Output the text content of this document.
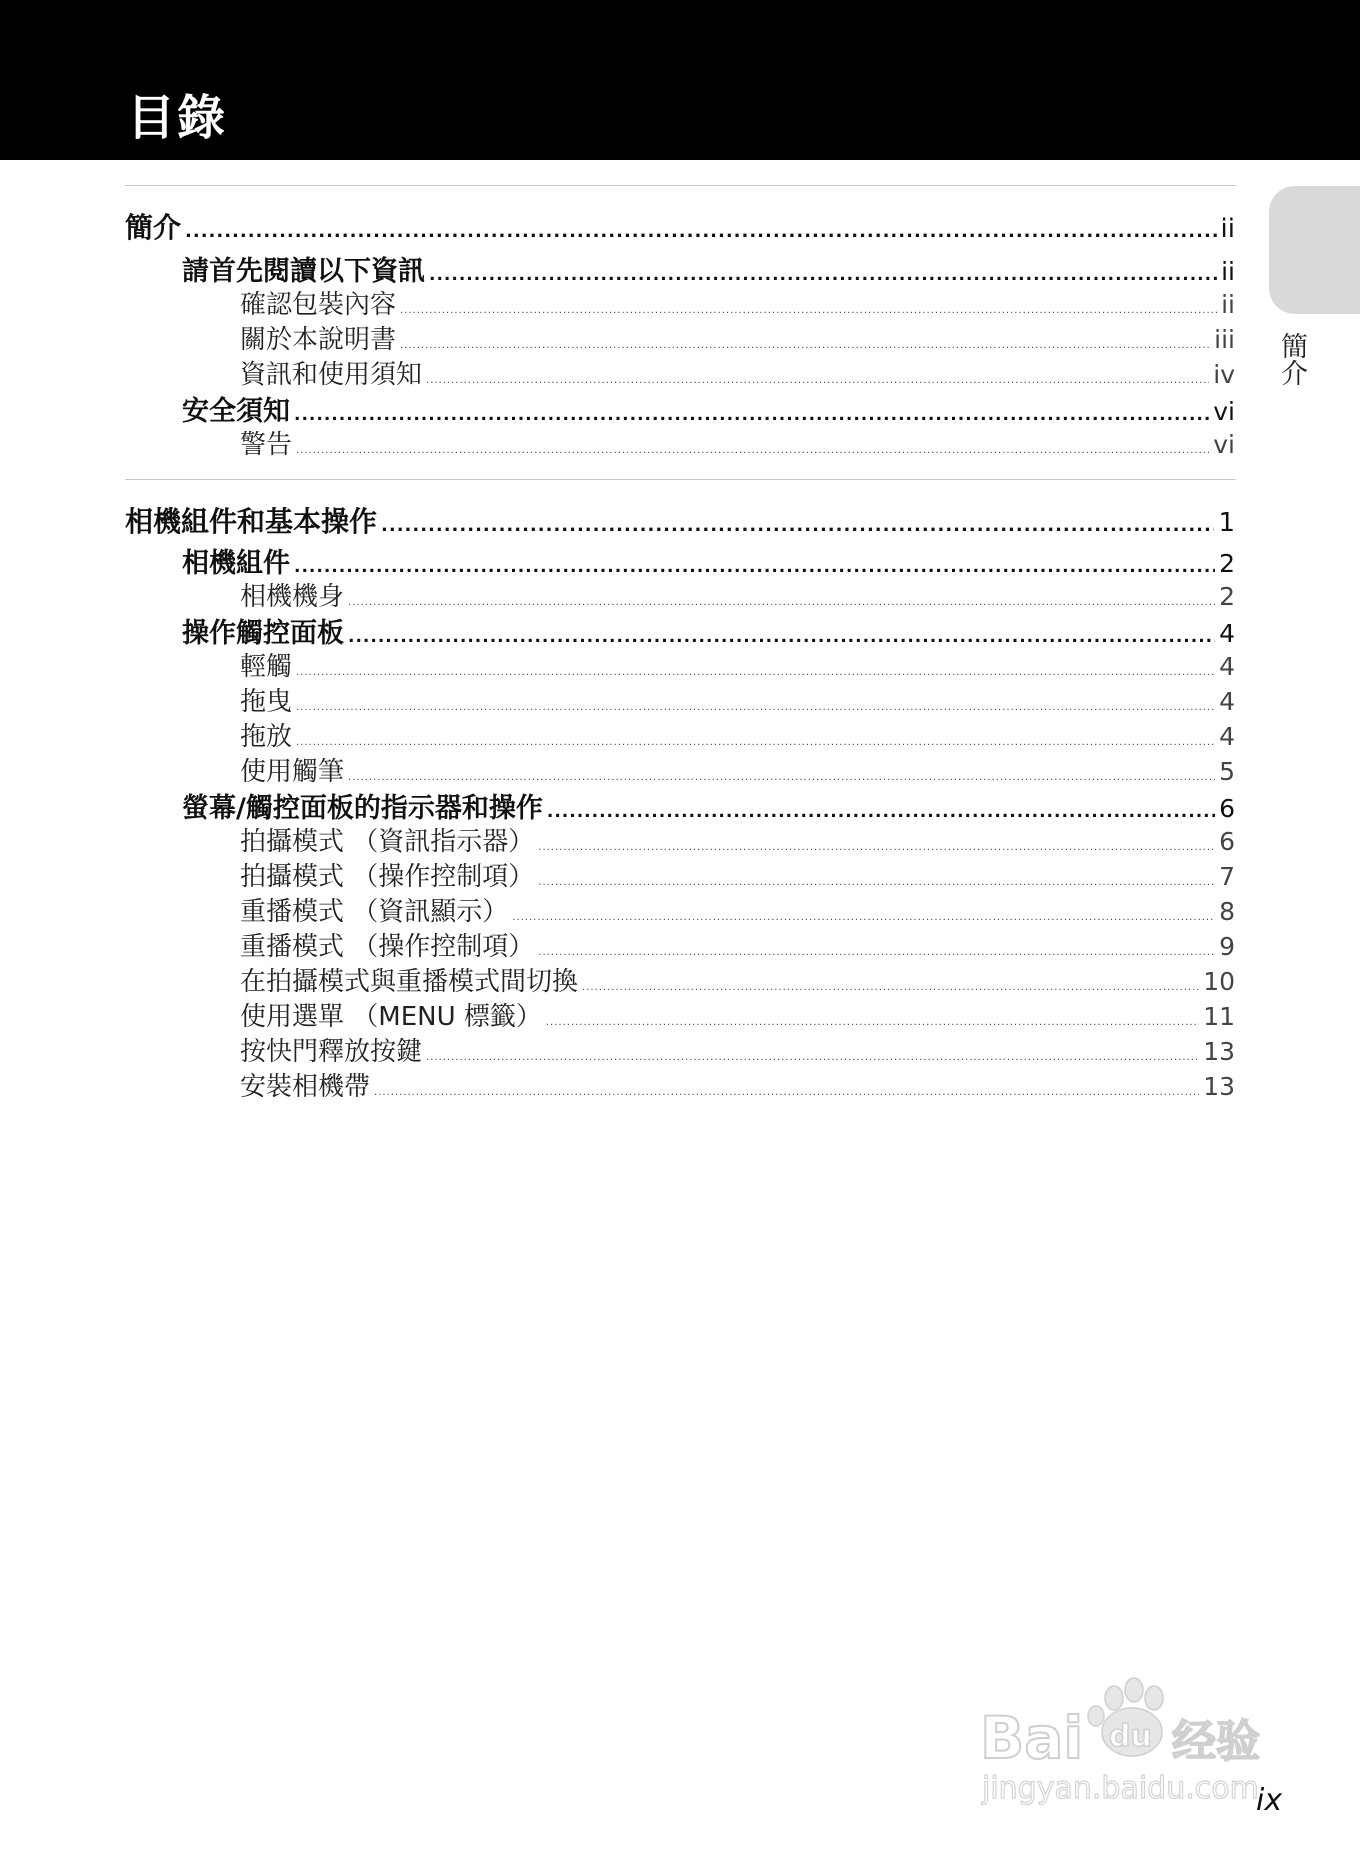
目錄
簡介
簡介 .....	ii
請首先閱讀以下資訊 .....	ii
確認包裝內容 .....	ii
關於本說明書 .....	iii
資訊和使用須知 .....	iv
安全須知 .....	vi
警告 .....	vi
相機組件和基本操作 .....	1
相機組件 .....	2
相機機身 .....	2
操作觸控面板 .....	4
輕觸 .....	4
拖曳 .....	4
拖放 .....	4
使用觸筆 .....	5
螢幕/觸控面板的指示器和操作 .....	6
拍攝模式 （資訊指示器） .....	6
拍攝模式 （操作控制項） .....	7
重播模式 （資訊顯示） .....	8
重播模式 （操作控制項） .....	9
在拍攝模式與重播模式間切換 .....	10
使用選單 （MENU 標籤） .....	11
按快門釋放按鍵 .....	13
安裝相機帶 .....	13
Bai du 经验
jingyan.baidu.com
ix
